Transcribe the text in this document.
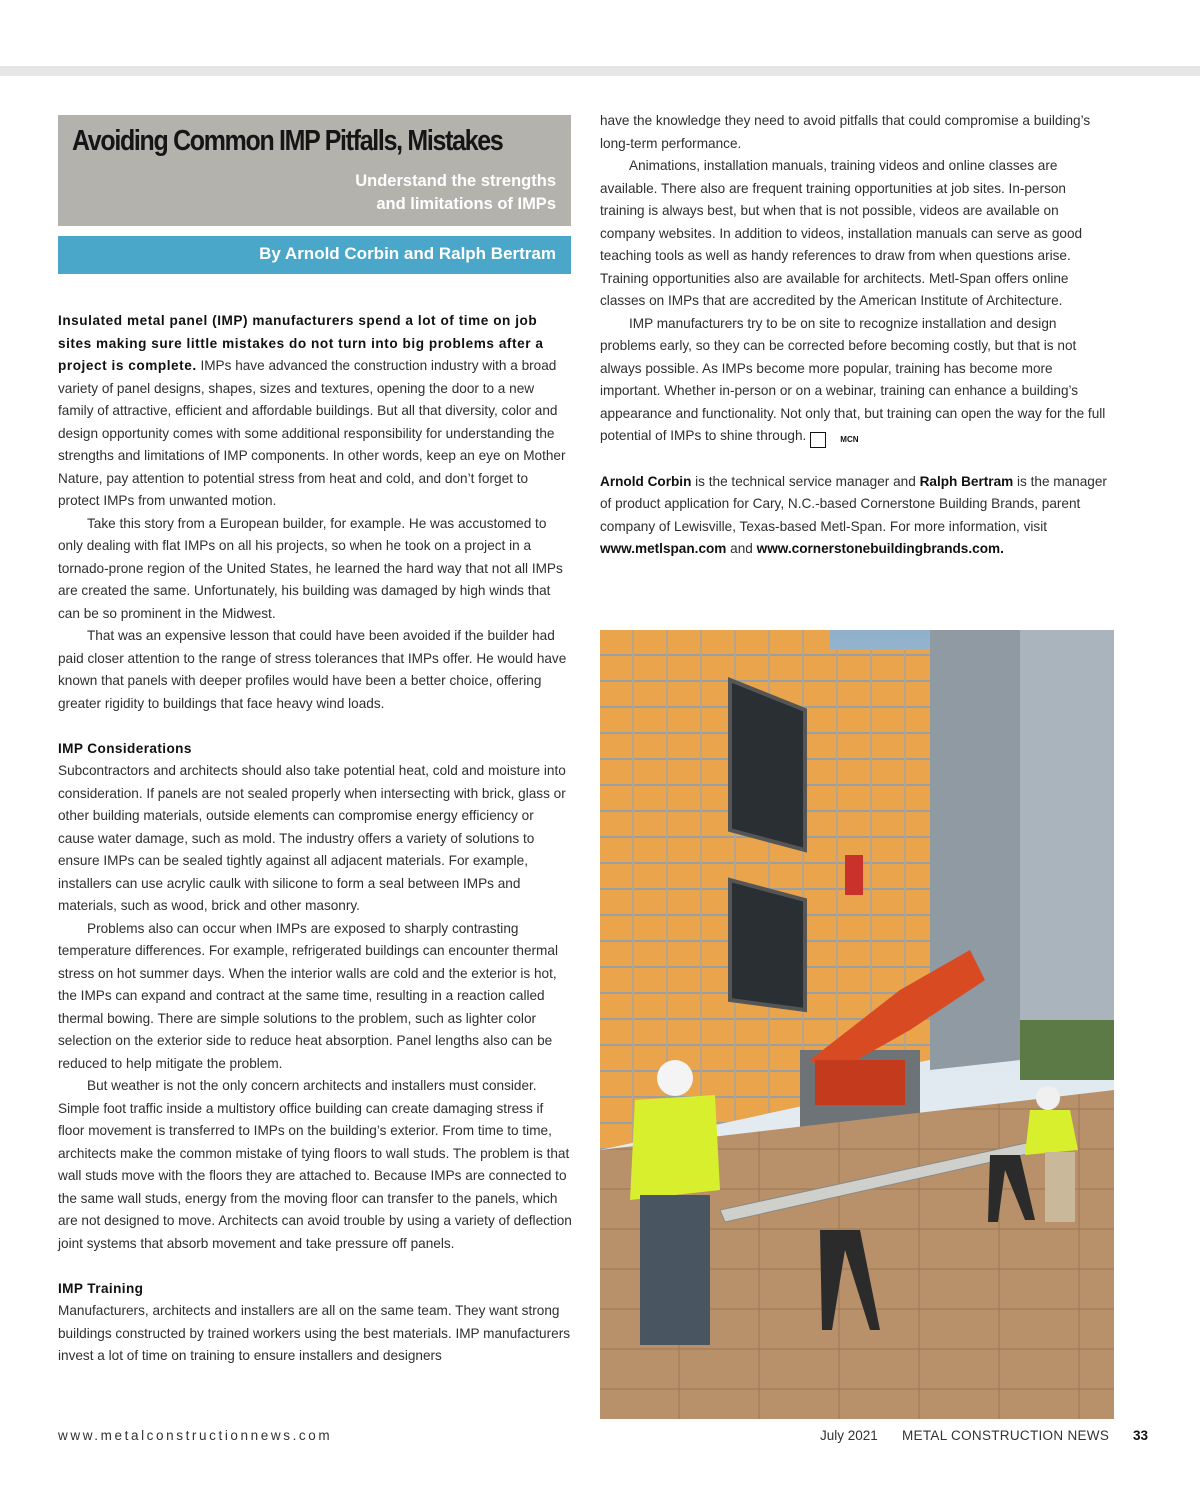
Avoiding Common IMP Pitfalls, Mistakes
Understand the strengths
and limitations of IMPs
By Arnold Corbin and Ralph Bertram

Insulated metal panel (IMP) manufacturers spend a lot of time on job sites making sure little mistakes do not turn into big problems after a project is complete. IMPs have advanced the construction industry with a broad variety of panel designs, shapes, sizes and textures, opening the door to a new family of attractive, efficient and affordable buildings. But all that diversity, color and design opportunity comes with some additional responsibility for understanding the strengths and limitations of IMP components. In other words, keep an eye on Mother Nature, pay attention to potential stress from heat and cold, and don’t forget to protect IMPs from unwanted motion.

Take this story from a European builder, for example. He was accustomed to only dealing with flat IMPs on all his projects, so when he took on a project in a tornado-prone region of the United States, he learned the hard way that not all IMPs are created the same. Unfortunately, his building was damaged by high winds that can be so prominent in the Midwest.

That was an expensive lesson that could have been avoided if the builder had paid closer attention to the range of stress tolerances that IMPs offer. He would have known that panels with deeper profiles would have been a better choice, offering greater rigidity to buildings that face heavy wind loads.

IMP Considerations

Subcontractors and architects should also take potential heat, cold and moisture into consideration. If panels are not sealed properly when intersecting with brick, glass or other building materials, outside elements can compromise energy efficiency or cause water damage, such as mold. The industry offers a variety of solutions to ensure IMPs can be sealed tightly against all adjacent materials. For example, installers can use acrylic caulk with silicone to form a seal between IMPs and materials, such as wood, brick and other masonry.

Problems also can occur when IMPs are exposed to sharply contrasting temperature differences. For example, refrigerated buildings can encounter thermal stress on hot summer days. When the interior walls are cold and the exterior is hot, the IMPs can expand and contract at the same time, resulting in a reaction called thermal bowing. There are simple solutions to the problem, such as lighter color selection on the exterior side to reduce heat absorption. Panel lengths also can be reduced to help mitigate the problem.

But weather is not the only concern architects and installers must consider. Simple foot traffic inside a multistory office building can create damaging stress if floor movement is transferred to IMPs on the building’s exterior. From time to time, architects make the common mistake of tying floors to wall studs. The problem is that wall studs move with the floors they are attached to. Because IMPs are connected to the same wall studs, energy from the moving floor can transfer to the panels, which are not designed to move. Architects can avoid trouble by using a variety of deflection joint systems that absorb movement and take pressure off panels.

IMP Training

Manufacturers, architects and installers are all on the same team. They want strong buildings constructed by trained workers using the best materials. IMP manufacturers invest a lot of time on training to ensure installers and designers

have the knowledge they need to avoid pitfalls that could compromise a building’s long-term performance.

Animations, installation manuals, training videos and online classes are available. There also are frequent training opportunities at job sites. In-person training is always best, but when that is not possible, videos are available on company websites. In addition to videos, installation manuals can serve as good teaching tools as well as handy references to draw from when questions arise. Training opportunities also are available for architects. Metl-Span offers online classes on IMPs that are accredited by the American Institute of Architecture.

IMP manufacturers try to be on site to recognize installation and design problems early, so they can be corrected before becoming costly, but that is not always possible. As IMPs become more popular, training has become more important. Whether in-person or on a webinar, training can enhance a building’s appearance and functionality. Not only that, but training can open the way for the full potential of IMPs to shine through.	MCN

Arnold Corbin is the technical service manager and Ralph Bertram is the manager of product application for Cary, N.C.-based Cornerstone Building Brands, parent company of Lewisville, Texas-based Metl-Span. For more information, visit www.metlspan.com and www.cornerstonebuildingbrands.com.

www.metalconstructionnews.com	July 2021 METAL CONSTRUCTION NEWS 33
